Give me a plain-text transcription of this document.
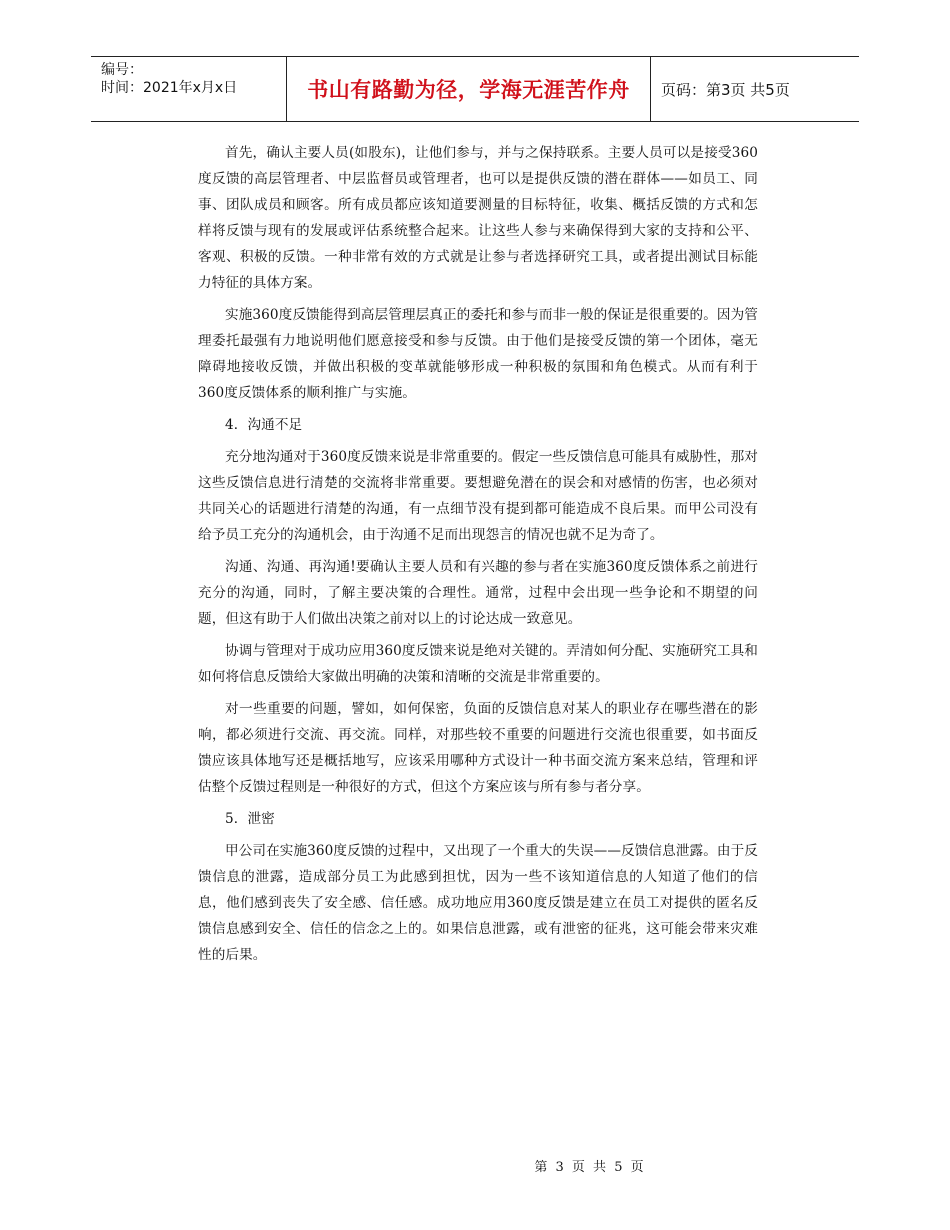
编号：
时间：2021年x月x日	书山有路勤为径，学海无涯苦作舟	页码：第3页 共5页

首先，确认主要人员(如股东)，让他们参与，并与之保持联系。主要人员可以是接受360度反馈的高层管理者、中层监督员或管理者，也可以是提供反馈的潜在群体——如员工、同事、团队成员和顾客。所有成员都应该知道要测量的目标特征，收集、概括反馈的方式和怎样将反馈与现有的发展或评估系统整合起来。让这些人参与来确保得到大家的支持和公平、客观、积极的反馈。一种非常有效的方式就是让参与者选择研究工具，或者提出测试目标能力特征的具体方案。

实施360度反馈能得到高层管理层真正的委托和参与而非一般的保证是很重要的。因为管理委托最强有力地说明他们愿意接受和参与反馈。由于他们是接受反馈的第一个团体，毫无障碍地接收反馈，并做出积极的变革就能够形成一种积极的氛围和角色模式。从而有利于360度反馈体系的顺利推广与实施。

4．沟通不足

充分地沟通对于360度反馈来说是非常重要的。假定一些反馈信息可能具有威胁性，那对这些反馈信息进行清楚的交流将非常重要。要想避免潜在的误会和对感情的伤害，也必须对共同关心的话题进行清楚的沟通，有一点细节没有提到都可能造成不良后果。而甲公司没有给予员工充分的沟通机会，由于沟通不足而出现怨言的情况也就不足为奇了。

沟通、沟通、再沟通!要确认主要人员和有兴趣的参与者在实施360度反馈体系之前进行充分的沟通，同时，了解主要决策的合理性。通常，过程中会出现一些争论和不期望的问题，但这有助于人们做出决策之前对以上的讨论达成一致意见。

协调与管理对于成功应用360度反馈来说是绝对关键的。弄清如何分配、实施研究工具和如何将信息反馈给大家做出明确的决策和清晰的交流是非常重要的。

对一些重要的问题，譬如，如何保密，负面的反馈信息对某人的职业存在哪些潜在的影响，都必须进行交流、再交流。同样，对那些较不重要的问题进行交流也很重要，如书面反馈应该具体地写还是概括地写，应该采用哪种方式设计一种书面交流方案来总结，管理和评估整个反馈过程则是一种很好的方式，但这个方案应该与所有参与者分享。

5．泄密

甲公司在实施360度反馈的过程中，又出现了一个重大的失误——反馈信息泄露。由于反馈信息的泄露，造成部分员工为此感到担忧，因为一些不该知道信息的人知道了他们的信息，他们感到丧失了安全感、信任感。成功地应用360度反馈是建立在员工对提供的匿名反馈信息感到安全、信任的信念之上的。如果信息泄露，或有泄密的征兆，这可能会带来灾难性的后果。

第 3 页 共 5 页
